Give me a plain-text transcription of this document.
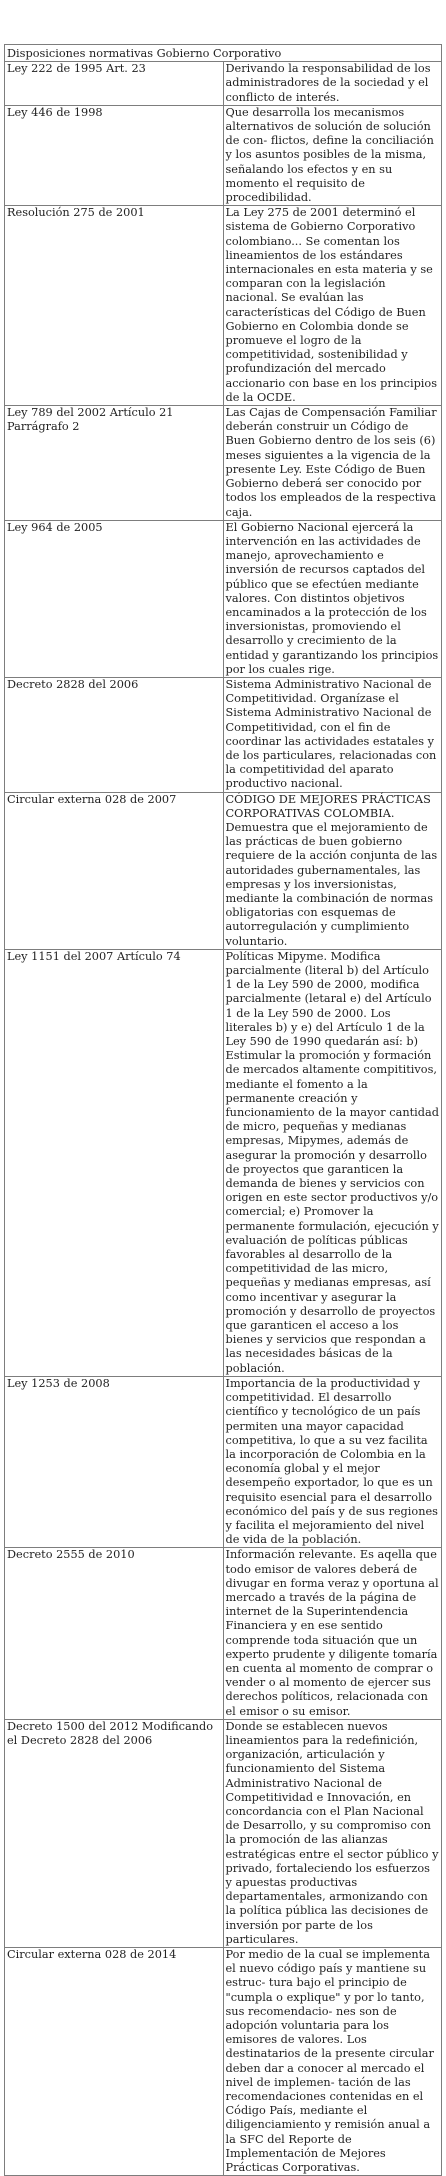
Disposiciones normativas Gobierno Corporativo	
Ley 222 de 1995 Art. 23	Derivando la responsabilidad de los administradores de la sociedad y el conflicto de interés.
Ley 446 de 1998	Que desarrolla los mecanismos alternativos de solución de solución de con- flictos, define la conciliación y los asuntos posibles de la misma, señalando los efectos y en su momento el requisito de procedibilidad.
Resolución 275 de 2001	La Ley 275 de 2001 determinó el sistema de Gobierno Corporativo colombiano... Se comentan los lineamientos de los estándares internacionales en esta materia y se comparan con la legislación nacional. Se evalúan las características del Código de Buen Gobierno en Colombia donde se promueve el logro de la competitividad, sostenibilidad y profundización del mercado accionario con base en los principios de la OCDE.
Ley 789 del 2002 Artículo 21 Parrágrafo 2	Las Cajas de Compensación Familiar deberán construir un Código de Buen Gobierno dentro de los seis (6) meses siguientes a la vigencia de la presente Ley. Este Código de Buen Gobierno deberá ser conocido por todos los empleados de la respectiva caja.
Ley 964 de 2005	El Gobierno Nacional ejercerá la intervención en las actividades de manejo, aprovechamiento e inversión de recursos captados del público que se efectúen mediante valores. Con distintos objetivos encaminados a la protección de los inversionistas, promoviendo el desarrollo y crecimiento de la entidad y garantizando los principios por los cuales rige.
Decreto 2828 del 2006	Sistema Administrativo Nacional de Competitividad. Organízase el Sistema Administrativo Nacional de Competitividad, con el fin de coordinar las actividades estatales y de los particulares, relacionadas con la competitividad del aparato productivo nacional.
Circular externa 028 de 2007	CÓDIGO DE MEJORES PRÁCTICAS CORPORATIVAS COLOMBIA. Demuestra que el mejoramiento de las prácticas de buen gobierno requiere de la acción conjunta de las autoridades gubernamentales, las empresas y los inversionistas, mediante la combinación de normas obligatorias con esquemas de autorregulación y cumplimiento voluntario.
Ley 1151 del 2007 Artículo 74	Políticas Mipyme. Modifica parcialmente (literal b) del Artículo 1 de la Ley 590 de 2000, modifica parcialmente (letaral e) del Artículo 1 de la Ley 590 de 2000. Los literales b) y e) del Artículo 1 de la Ley 590 de 1990 quedarán así: b) Estimular la promoción y formación de mercados altamente compititivos, mediante el fomento a la permanente creación y funcionamiento de la mayor cantidad de micro, pequeñas y medianas empresas, Mipymes, además de asegurar la promoción y desarrollo de proyectos que garanticen la demanda de bienes y servicios con origen en este sector productivos y/o comercial; e) Promover la permanente formulación, ejecución y evaluación de políticas públicas favorables al desarrollo de la competitividad de las micro, pequeñas y medianas empresas, así como incentivar y asegurar la promoción y desarrollo de proyectos que garanticen el acceso a los bienes y servicios que respondan a las necesidades básicas de la población.
Ley 1253 de 2008	Importancia de la productividad y competitividad. El desarrollo científico y tecnológico de un país permiten una mayor capacidad competitiva, lo que a su vez facilita la incorporación de Colombia en la economía global y el mejor desempeño exportador, lo que es un requisito esencial para el desarrollo económico del país y de sus regiones y facilita el mejoramiento del nivel de vida de la población.
Decreto 2555 de 2010	Información relevante. Es aqella que todo emisor de valores deberá de divugar en forma veraz y oportuna al mercado a través de la página de internet de la Superintendencia Financiera y en ese sentido comprende toda situación que un experto prudente y diligente tomaría en cuenta al momento de comprar o vender o al momento de ejercer sus derechos políticos, relacionada con el emisor o su emisor.
Decreto 1500 del 2012 Modificando el Decreto 2828 del 2006	Donde se establecen nuevos lineamientos para la redefinición, organización, articulación y funcionamiento del Sistema Administrativo Nacional de Competitividad e Innovación, en concordancia con el Plan Nacional de Desarrollo, y su compromiso con la promoción de las alianzas estratégicas entre el sector público y privado, fortaleciendo los esfuerzos y apuestas productivas departamentales, armonizando con la política pública las decisiones de inversión por parte de los particulares.
Circular externa 028 de 2014	Por medio de la cual se implementa el nuevo código país y mantiene su estruc- tura bajo el principio de "cumpla o explique" y por lo tanto, sus recomendacio- nes son de adopción voluntaria para los emisores de valores. Los destinatarios de la presente circular deben dar a conocer al mercado el nivel de implemen- tación de las recomendaciones contenidas en el Código País, mediante el diligenciamiento y remisión anual a la SFC del Reporte de Implementación de Mejores Prácticas Corporativas.
